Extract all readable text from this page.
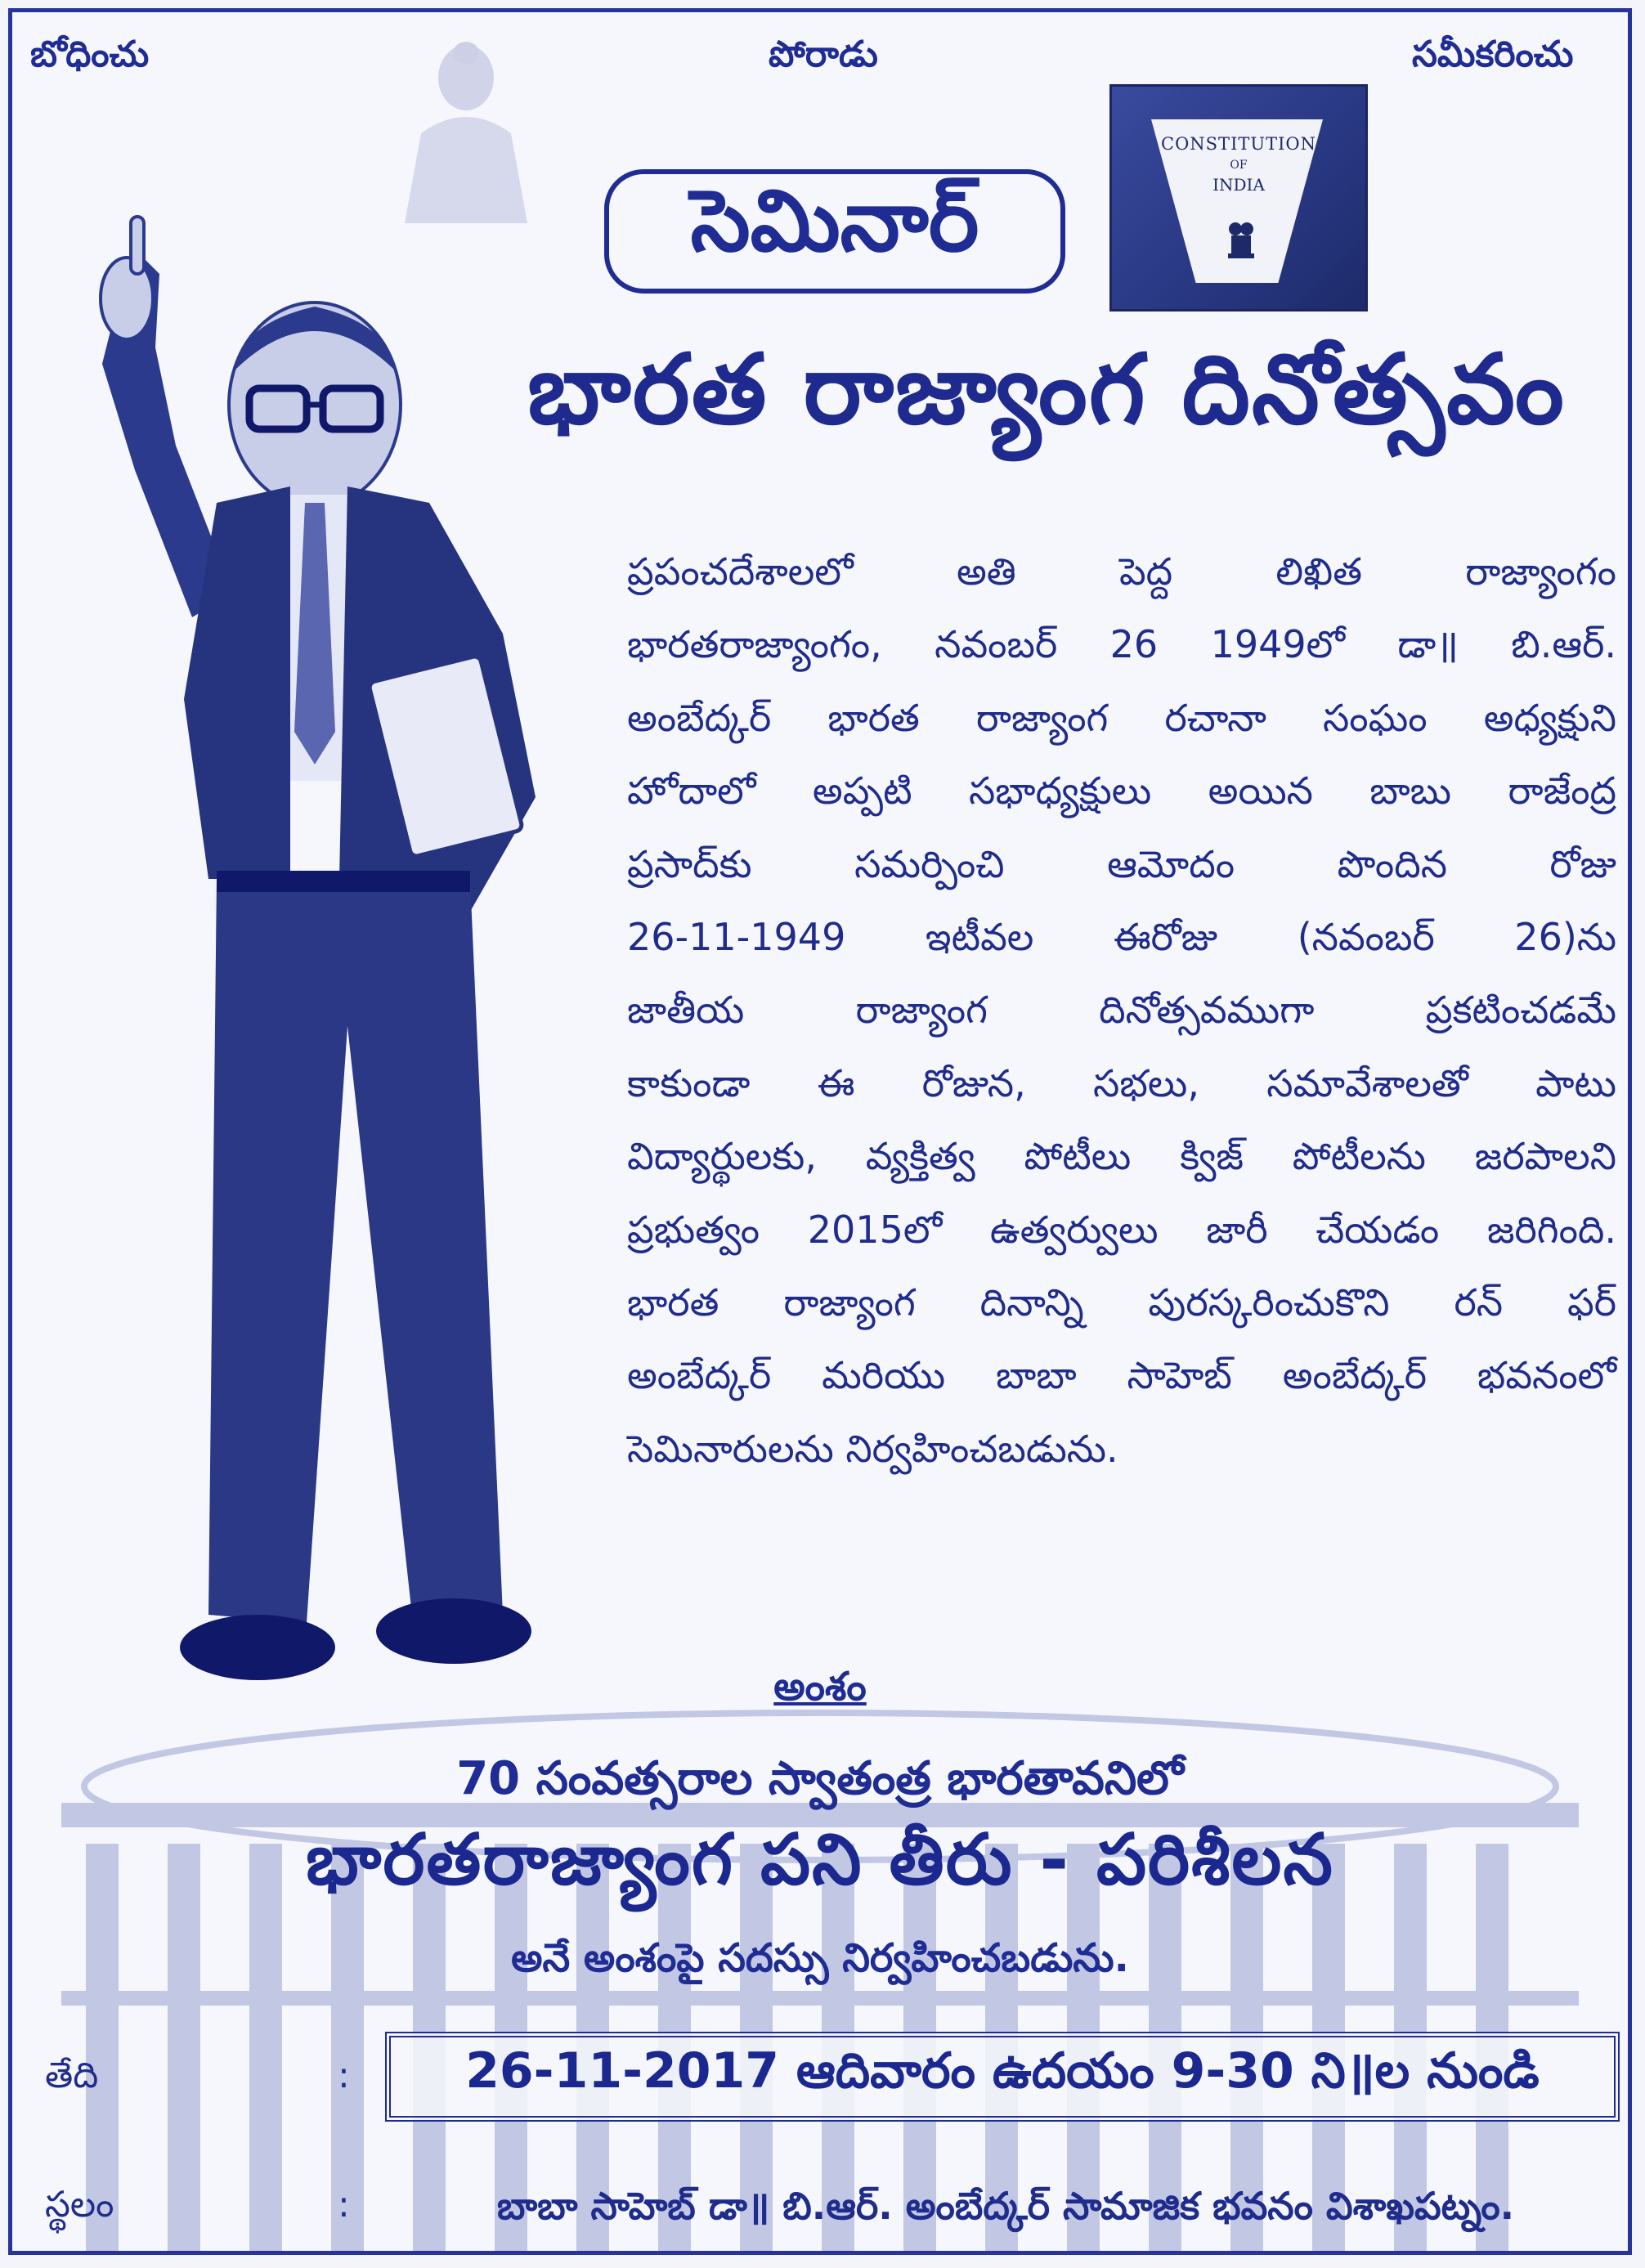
బోధించు	పోరాడు	సమీకరించు
CONSTITUTION
OF
INDIA
సెమినార్
భారత రాజ్యాంగ దినోత్సవం
ప్రపంచదేశాలలో అతి పెద్ద లిఖిత రాజ్యాంగం
భారతరాజ్యాంగం, నవంబర్ 26 1949లో డా॥ బి.ఆర్.
అంబేద్కర్ భారత రాజ్యాంగ రచానా సంఘం అధ్యక్షుని
హోదాలో అప్పటి సభాధ్యక్షులు అయిన బాబు రాజేంద్ర
ప్రసాద్‌కు సమర్పించి ఆమోదం పొందిన రోజు
26-11-1949 ఇటీవల ఈరోజు (నవంబర్ 26)ను
జాతీయ రాజ్యాంగ దినోత్సవముగా ప్రకటించడమే
కాకుండా ఈ రోజున, సభలు, సమావేశాలతో పాటు
విద్యార్థులకు, వ్యక్తిత్వ పోటీలు క్విజ్ పోటీలను జరపాలని
ప్రభుత్వం 2015లో ఉత్వర్వులు జారీ చేయడం జరిగింది.
భారత రాజ్యాంగ దినాన్ని పురస్కరించుకొని రన్ ఫర్
అంబేద్కర్ మరియు బాబా సాహెబ్ అంబేద్కర్ భవనంలో
సెమినారులను నిర్వహించబడును.
అంశం
70 సంవత్సరాల స్వాతంత్ర భారతావనిలో
భారతరాజ్యాంగ పని తీరు - పరిశీలన
అనే అంశంపై సదస్సు నిర్వహించబడును.
తేది	:	26-11-2017 ఆదివారం ఉదయం 9-30 ని॥ల నుండి
స్థలం	:	బాబా సాహెబ్ డా॥ బి.ఆర్. అంబేద్కర్ సామాజిక భవనం విశాఖపట్నం.
